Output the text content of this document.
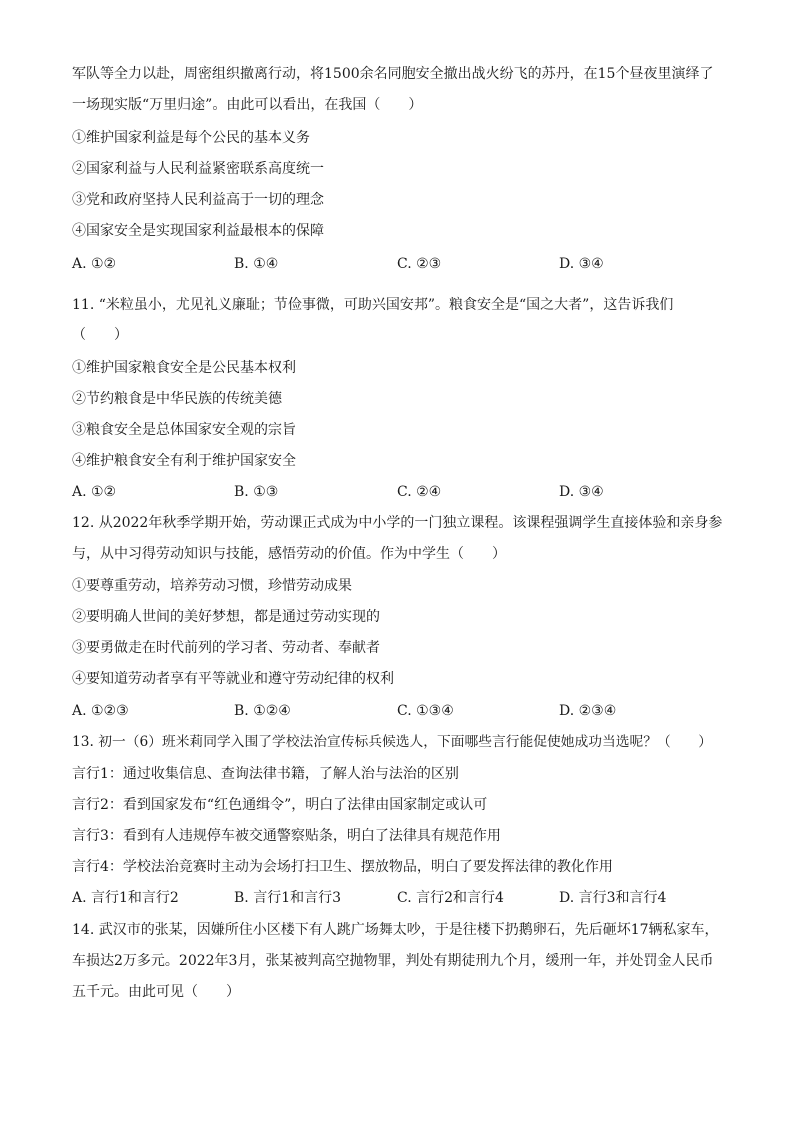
军队等全力以赴，周密组织撤离行动，将1500余名同胞安全撤出战火纷飞的苏丹，在15个昼夜里演绎了
一场现实版“万里归途”。由此可以看出，在我国（　　）
①维护国家利益是每个公民的基本义务
②国家利益与人民利益紧密联系高度统一
③党和政府坚持人民利益高于一切的理念
④国家安全是实现国家利益最根本的保障
A. ①②	B. ①④	C. ②③	D. ③④
11. “米粒虽小，尤见礼义廉耻；节俭事微，可助兴国安邦”。粮食安全是“国之大者”，这告诉我们
（　　）
①维护国家粮食安全是公民基本权利
②节约粮食是中华民族的传统美德
③粮食安全是总体国家安全观的宗旨
④维护粮食安全有利于维护国家安全
A. ①②	B. ①③	C. ②④	D. ③④
12. 从2022年秋季学期开始，劳动课正式成为中小学的一门独立课程。该课程强调学生直接体验和亲身参
与，从中习得劳动知识与技能，感悟劳动的价值。作为中学生（　　）
①要尊重劳动，培养劳动习惯，珍惜劳动成果
②要明确人世间的美好梦想，都是通过劳动实现的
③要勇做走在时代前列的学习者、劳动者、奉献者
④要知道劳动者享有平等就业和遵守劳动纪律的权利
A. ①②③	B. ①②④	C. ①③④	D. ②③④
13. 初一（6）班米莉同学入围了学校法治宣传标兵候选人，下面哪些言行能促使她成功当选呢？（　　）
言行1：通过收集信息、查询法律书籍，了解人治与法治的区别
言行2：看到国家发布“红色通缉令”，明白了法律由国家制定或认可
言行3：看到有人违规停车被交通警察贴条，明白了法律具有规范作用
言行4：学校法治竞赛时主动为会场打扫卫生、摆放物品，明白了要发挥法律的教化作用
A. 言行1和言行2	B. 言行1和言行3	C. 言行2和言行4	D. 言行3和言行4
14. 武汉市的张某，因嫌所住小区楼下有人跳广场舞太吵，于是往楼下扔鹅卵石，先后砸坏17辆私家车，
车损达2万多元。2022年3月，张某被判高空抛物罪，判处有期徒刑九个月，缓刑一年，并处罚金人民币
五千元。由此可见（　　）
